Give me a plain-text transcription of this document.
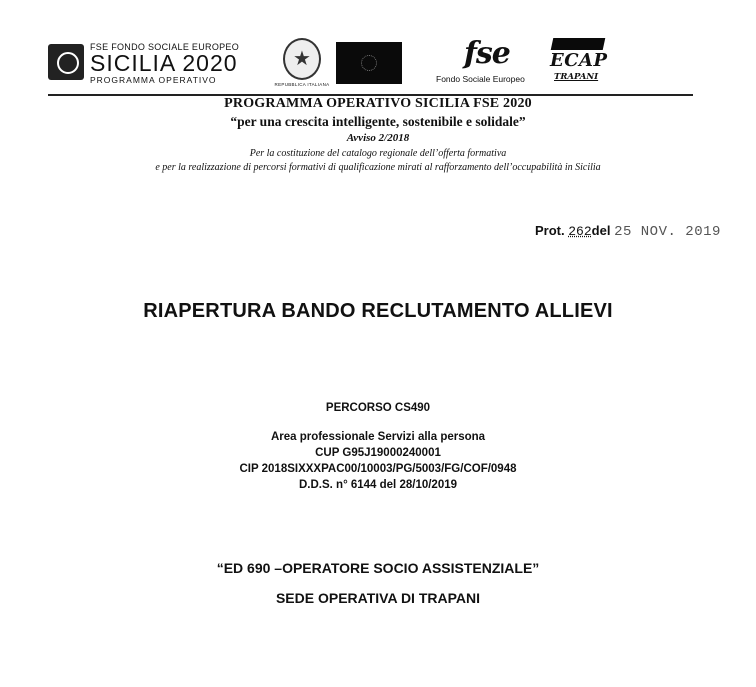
FSE FONDO SOCIALE EUROPEO
SICILIA 2020
PROGRAMMA OPERATIVO
★	REPUBBLICA ITALIANA
fse
Fondo Sociale Europeo
ECAP
TRAPANI
PROGRAMMA OPERATIVO SICILIA FSE 2020
“per una crescita intelligente, sostenibile e solidale”
Avviso 2/2018
Per la costituzione del catalogo regionale dell’offerta formativa
e per la realizzazione di percorsi formativi di qualificazione mirati al rafforzamento dell’occupabilità in Sicilia
Prot. 262del 25 NOV. 2019
RIAPERTURA BANDO RECLUTAMENTO ALLIEVI
PERCORSO CS490
Area professionale Servizi alla persona
CUP G95J19000240001
CIP 2018SIXXXPAC00/10003/PG/5003/FG/COF/0948
D.D.S. n° 6144 del 28/10/2019
“ED 690 –OPERATORE SOCIO ASSISTENZIALE”
SEDE OPERATIVA DI TRAPANI
